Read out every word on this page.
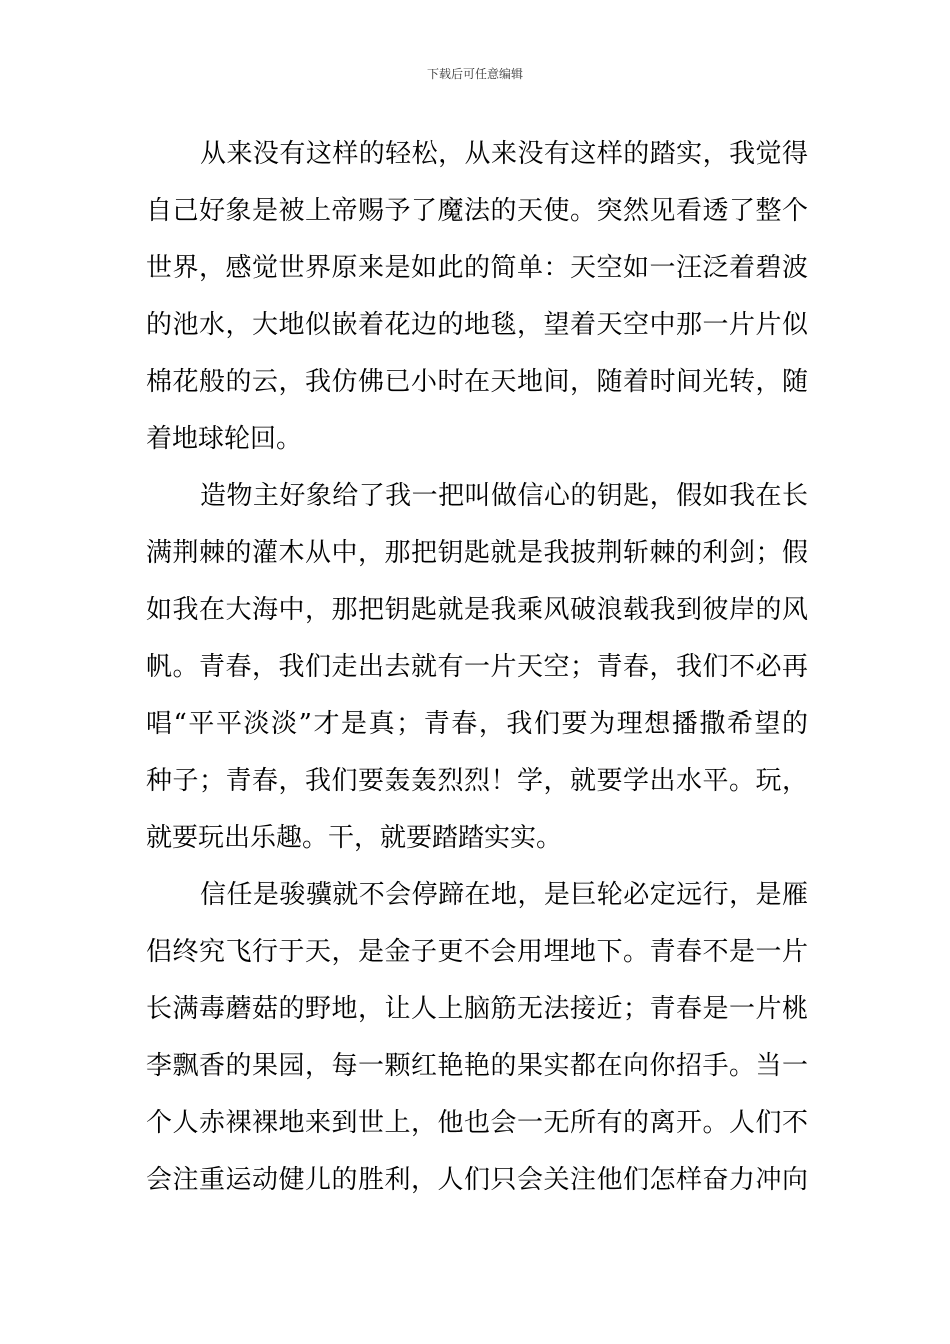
下载后可任意编辑
从来没有这样的轻松，从来没有这样的踏实，我觉得
自己好象是被上帝赐予了魔法的天使。突然见看透了整个
世界，感觉世界原来是如此的简单：天空如一汪泛着碧波
的池水，大地似嵌着花边的地毯，望着天空中那一片片似
棉花般的云，我仿佛已小时在天地间，随着时间光转，随
着地球轮回。
造物主好象给了我一把叫做信心的钥匙，假如我在长
满荆棘的灌木从中，那把钥匙就是我披荆斩棘的利剑；假
如我在大海中，那把钥匙就是我乘风破浪载我到彼岸的风
帆。青春，我们走出去就有一片天空；青春，我们不必再
唱“平平淡淡”才是真；青春，我们要为理想播撒希望的
种子；青春，我们要轰轰烈烈！学，就要学出水平。玩，
就要玩出乐趣。干，就要踏踏实实。
信任是骏骥就不会停蹄在地，是巨轮必定远行，是雁
侣终究飞行于天，是金子更不会用埋地下。青春不是一片
长满毒蘑菇的野地，让人上脑筋无法接近；青春是一片桃
李飘香的果园，每一颗红艳艳的果实都在向你招手。当一
个人赤裸裸地来到世上，他也会一无所有的离开。人们不
会注重运动健儿的胜利，人们只会关注他们怎样奋力冲向
